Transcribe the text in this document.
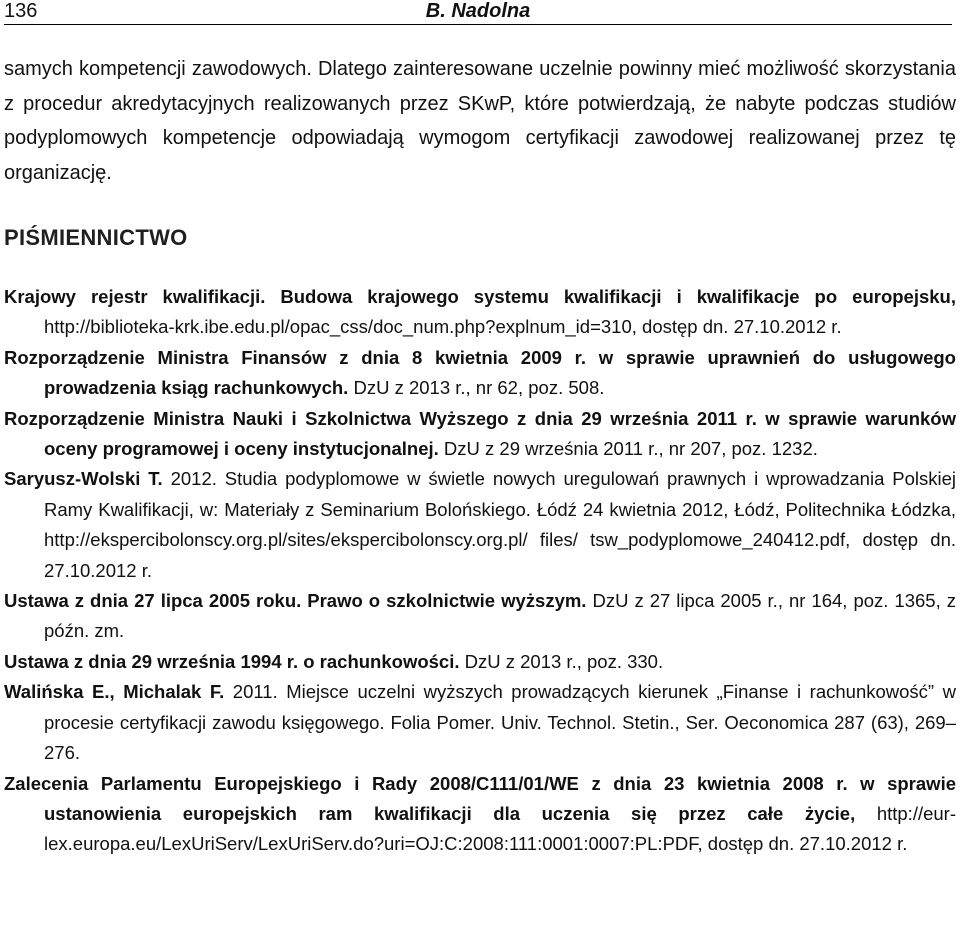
136	B. Nadolna

samych kompetencji zawodowych. Dlatego zainteresowane uczelnie powinny mieć możliwość skorzystania z procedur akredytacyjnych realizowanych przez SKwP, które potwierdzają, że nabyte podczas studiów podyplomowych kompetencje odpowiadają wymogom certyfikacji zawodowej realizowanej przez tę organizację.

PIŚMIENNICTWO

Krajowy rejestr kwalifikacji. Budowa krajowego systemu kwalifikacji i kwalifikacje po europejsku, http://biblioteka-krk.ibe.edu.pl/opac_css/doc_num.php?explnum_id=310, dostęp dn. 27.10.2012 r.

Rozporządzenie Ministra Finansów z dnia 8 kwietnia 2009 r. w sprawie uprawnień do usługowego prowadzenia ksiąg rachunkowych. DzU z 2013 r., nr 62, poz. 508.

Rozporządzenie Ministra Nauki i Szkolnictwa Wyższego z dnia 29 września 2011 r. w sprawie warunków oceny programowej i oceny instytucjonalnej. DzU z 29 września 2011 r., nr 207, poz. 1232.

Saryusz-Wolski T. 2012. Studia podyplomowe w świetle nowych uregulowań prawnych i wprowadzania Polskiej Ramy Kwalifikacji, w: Materiały z Seminarium Bolońskiego. Łódź 24 kwietnia 2012, Łódź, Politechnika Łódzka, http://ekspercibolonscy.org.pl/sites/ekspercibolonscy.org.pl/ files/ tsw_podyplomowe_240412.pdf, dostęp dn. 27.10.2012 r.

Ustawa z dnia 27 lipca 2005 roku. Prawo o szkolnictwie wyższym. DzU z 27 lipca 2005 r., nr 164, poz. 1365, z późn. zm.

Ustawa z dnia 29 września 1994 r. o rachunkowości. DzU z 2013 r., poz. 330.

Walińska E., Michalak F. 2011. Miejsce uczelni wyższych prowadzących kierunek „Finanse i rachunkowość” w procesie certyfikacji zawodu księgowego. Folia Pomer. Univ. Technol. Stetin., Ser. Oeconomica 287 (63), 269–276.

Zalecenia Parlamentu Europejskiego i Rady 2008/C111/01/WE z dnia 23 kwietnia 2008 r. w sprawie ustanowienia europejskich ram kwalifikacji dla uczenia się przez całe życie, http://eur-lex.europa.eu/LexUriServ/LexUriServ.do?uri=OJ:C:2008:111:0001:0007:PL:PDF, dostęp dn. 27.10.2012 r.
